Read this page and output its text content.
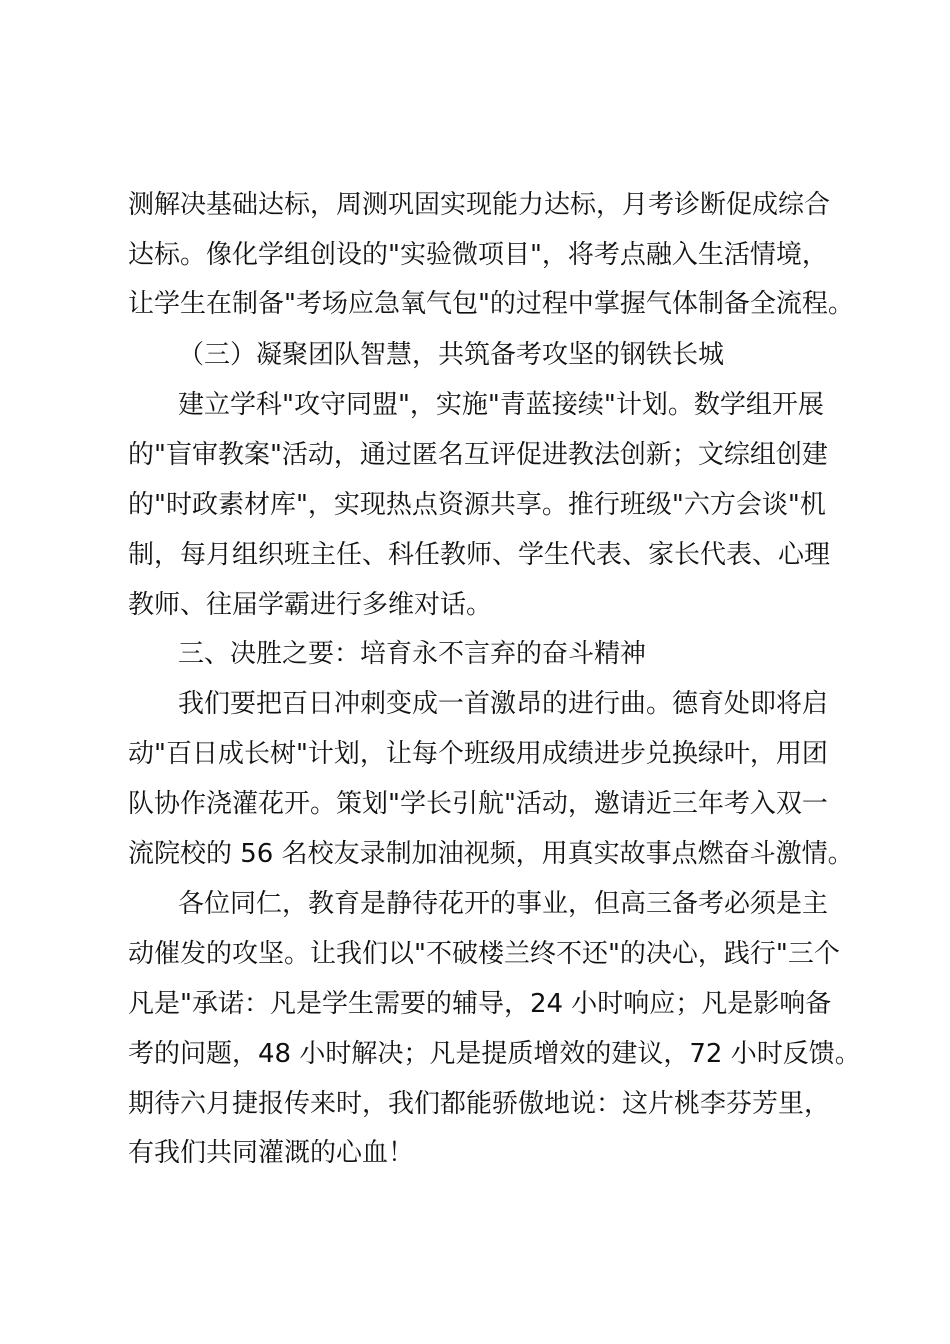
测解决基础达标，周测巩固实现能力达标，月考诊断促成综合
达标。像化学组创设的"实验微项目"，将考点融入生活情境，
让学生在制备"考场应急氧气包"的过程中掌握气体制备全流程。
（三）凝聚团队智慧，共筑备考攻坚的钢铁长城
建立学科"攻守同盟"，实施"青蓝接续"计划。数学组开展
的"盲审教案"活动，通过匿名互评促进教法创新；文综组创建
的"时政素材库"，实现热点资源共享。推行班级"六方会谈"机
制，每月组织班主任、科任教师、学生代表、家长代表、心理
教师、往届学霸进行多维对话。
三、决胜之要：培育永不言弃的奋斗精神
我们要把百日冲刺变成一首激昂的进行曲。德育处即将启
动"百日成长树"计划，让每个班级用成绩进步兑换绿叶，用团
队协作浇灌花开。策划"学长引航"活动，邀请近三年考入双一
流院校的 56 名校友录制加油视频，用真实故事点燃奋斗激情。
各位同仁，教育是静待花开的事业，但高三备考必须是主
动催发的攻坚。让我们以"不破楼兰终不还"的决心，践行"三个
凡是"承诺：凡是学生需要的辅导，24 小时响应；凡是影响备
考的问题，48 小时解决；凡是提质增效的建议，72 小时反馈。
期待六月捷报传来时，我们都能骄傲地说：这片桃李芬芳里，
有我们共同灌溉的心血！
